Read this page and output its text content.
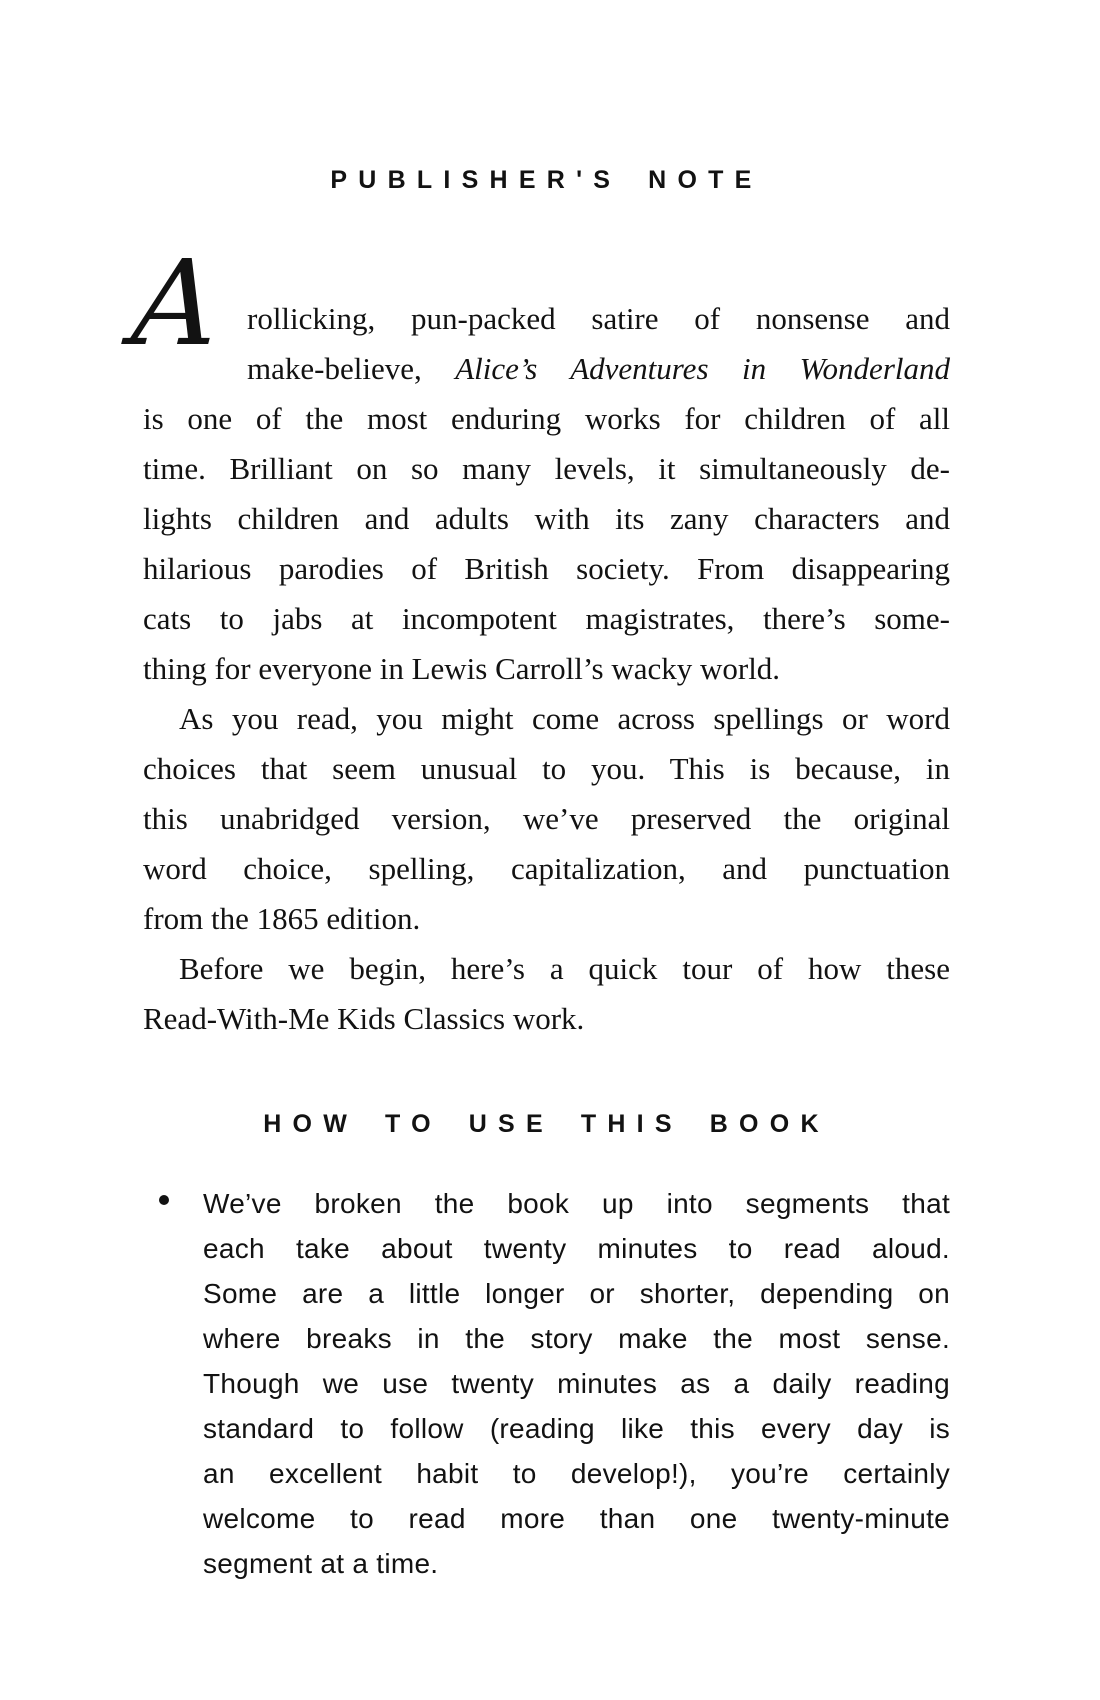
PUBLISHER'S NOTE
A rollicking, pun-packed satire of nonsense and
make-believe, Alice’s Adventures in Wonderland
is one of the most enduring works for children of all
time. Brilliant on so many levels, it simultaneously de-
lights children and adults with its zany characters and
hilarious parodies of British society. From disappearing
cats to jabs at incompotent magistrates, there’s some-
thing for everyone in Lewis Carroll’s wacky world.
As you read, you might come across spellings or word
choices that seem unusual to you. This is because, in
this unabridged version, we’ve preserved the original
word choice, spelling, capitalization, and punctuation
from the 1865 edition.
Before we begin, here’s a quick tour of how these
Read-With-Me Kids Classics work.
HOW TO USE THIS BOOK
We’ve broken the book up into segments that
each take about twenty minutes to read aloud.
Some are a little longer or shorter, depending on
where breaks in the story make the most sense.
Though we use twenty minutes as a daily reading
standard to follow (reading like this every day is
an excellent habit to develop!), you’re certainly
welcome to read more than one twenty-minute
segment at a time.
